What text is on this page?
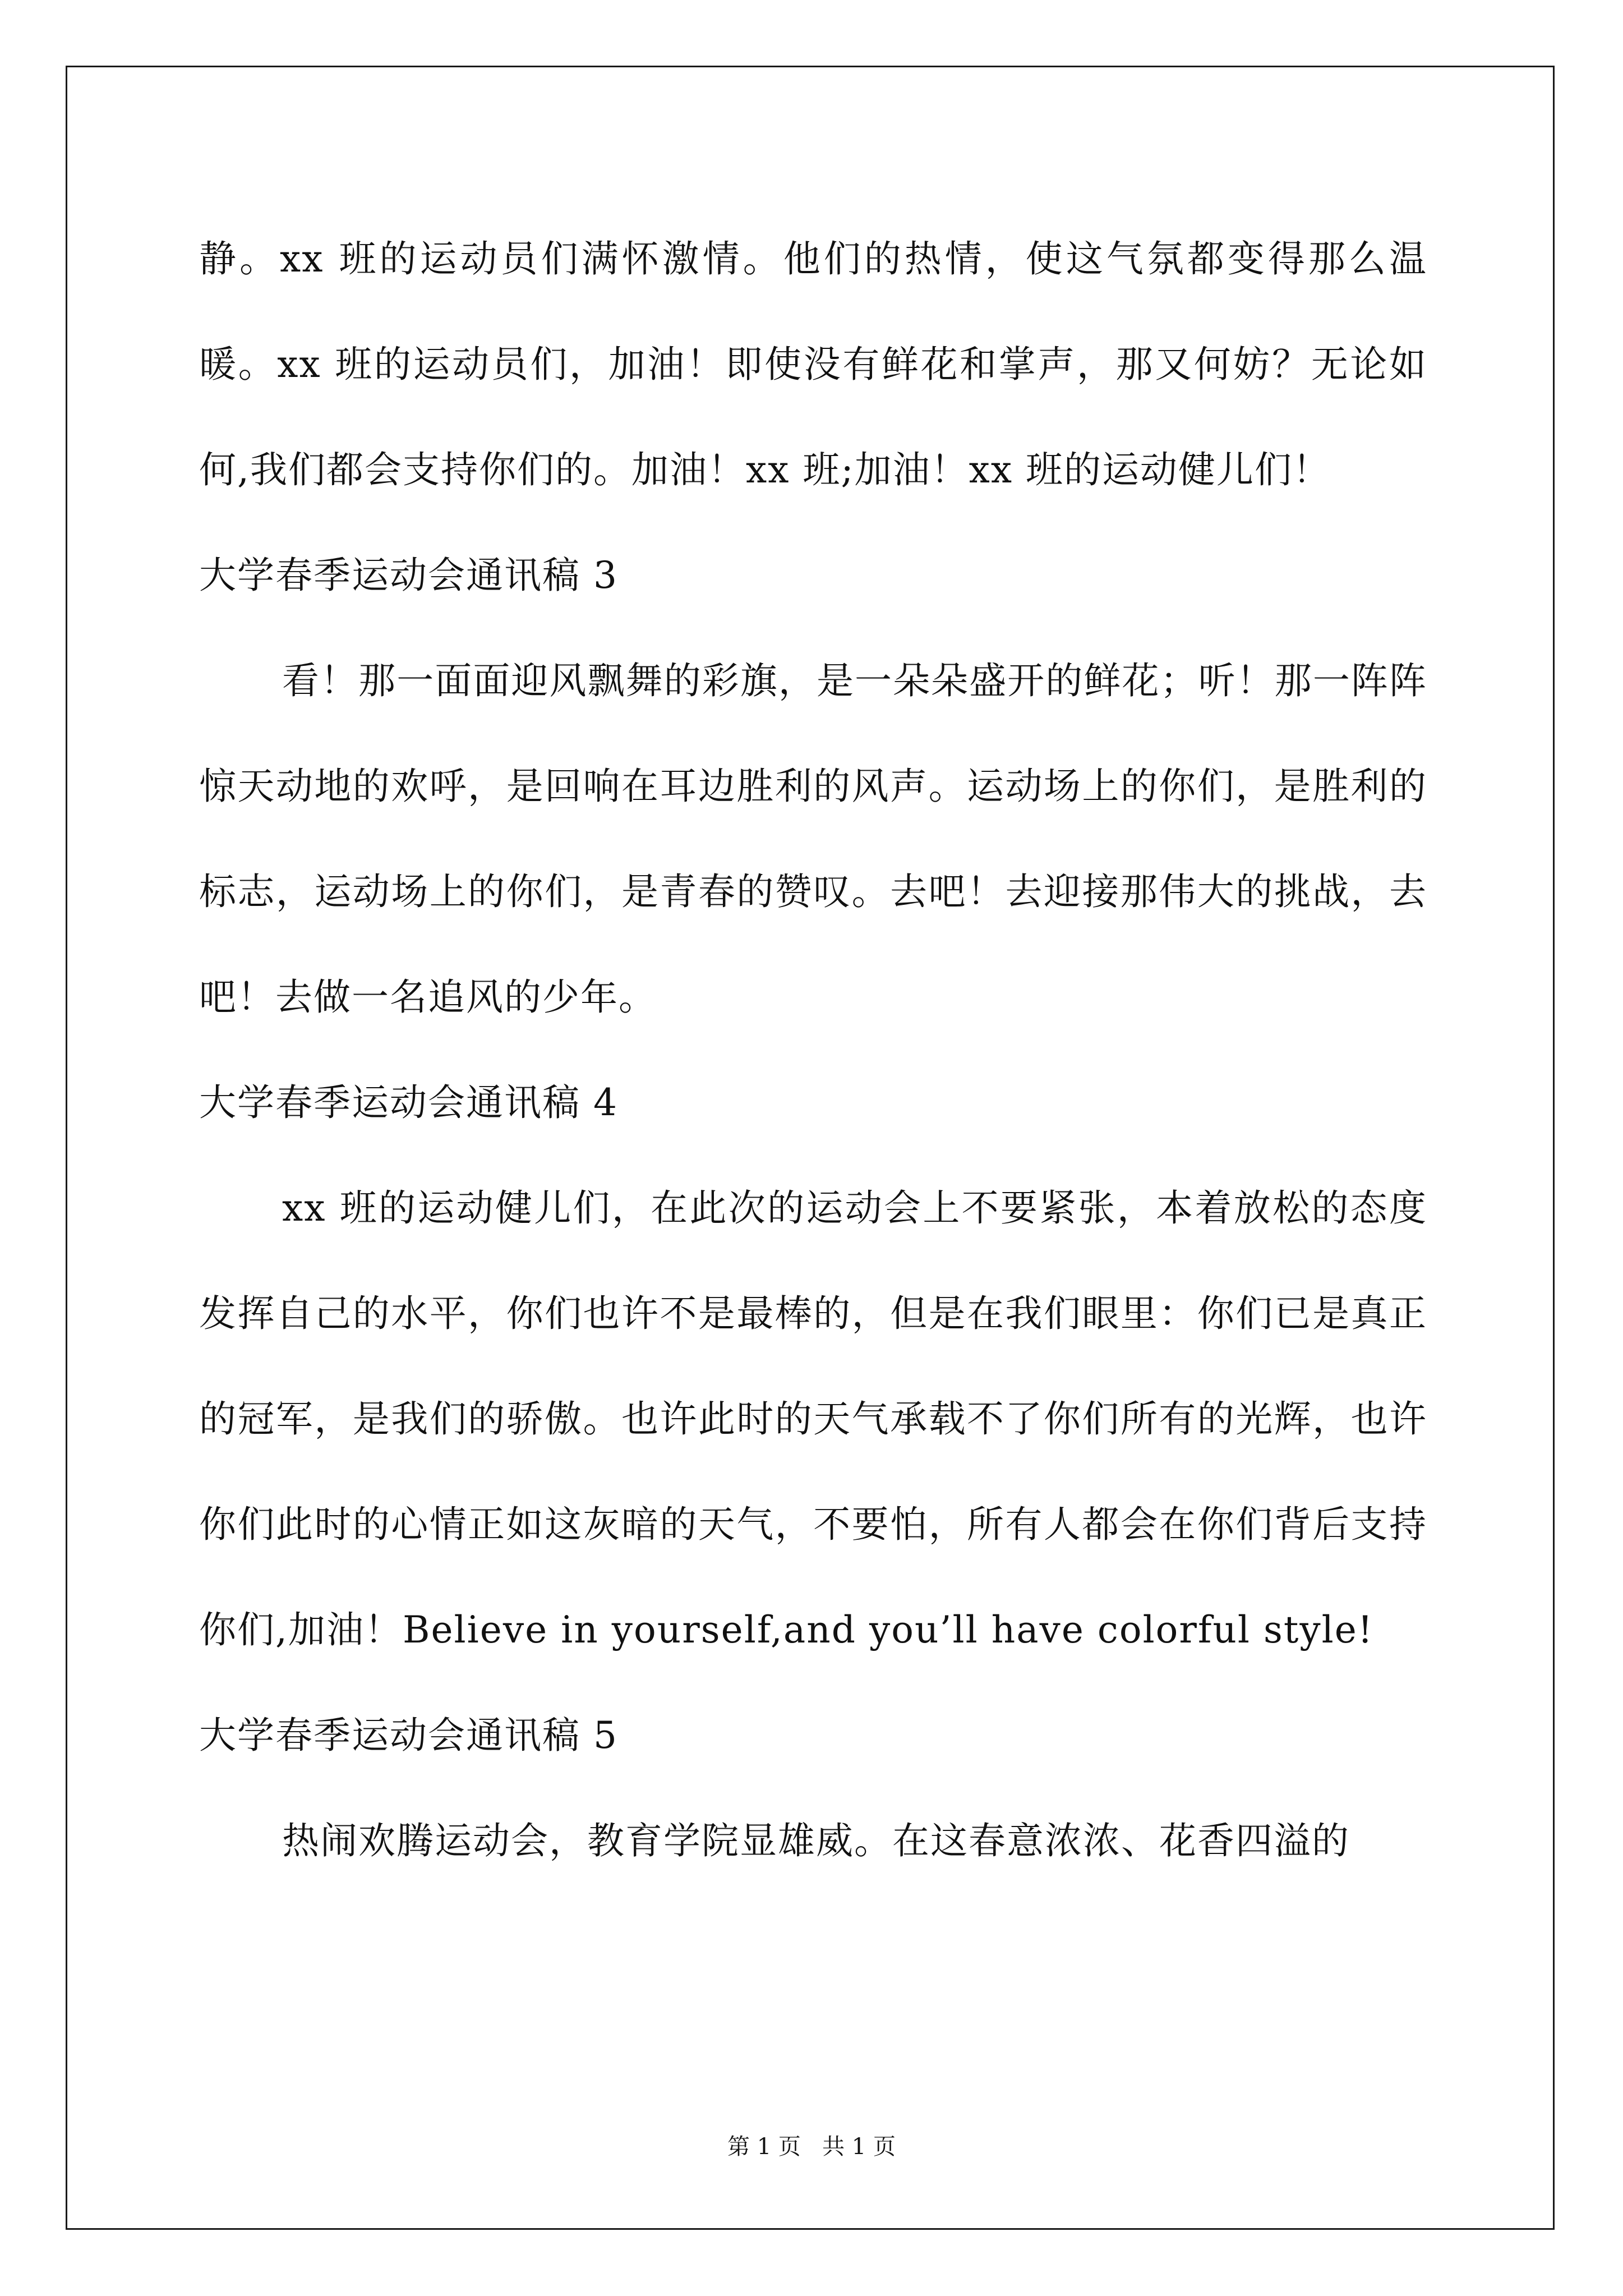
静。xx 班的运动员们满怀激情。他们的热情，使这气氛都变得那么温暖。xx 班的运动员们，加油！即使没有鲜花和掌声，那又何妨？无论如何,我们都会支持你们的。加油！xx 班;加油！xx 班的运动健儿们！

大学春季运动会通讯稿 3

看！那一面面迎风飘舞的彩旗，是一朵朵盛开的鲜花；听！那一阵阵惊天动地的欢呼，是回响在耳边胜利的风声。运动场上的你们，是胜利的标志，运动场上的你们，是青春的赞叹。去吧！去迎接那伟大的挑战，去吧！去做一名追风的少年。

大学春季运动会通讯稿 4

xx 班的运动健儿们，在此次的运动会上不要紧张，本着放松的态度发挥自己的水平，你们也许不是最棒的，但是在我们眼里：你们已是真正的冠军，是我们的骄傲。也许此时的天气承载不了你们所有的光辉，也许你们此时的心情正如这灰暗的天气，不要怕，所有人都会在你们背后支持你们,加油！Believe in yourself,and you’ll have colorful style!

大学春季运动会通讯稿 5

热闹欢腾运动会，教育学院显雄威。在这春意浓浓、花香四溢的

第 1 页   共 1 页
